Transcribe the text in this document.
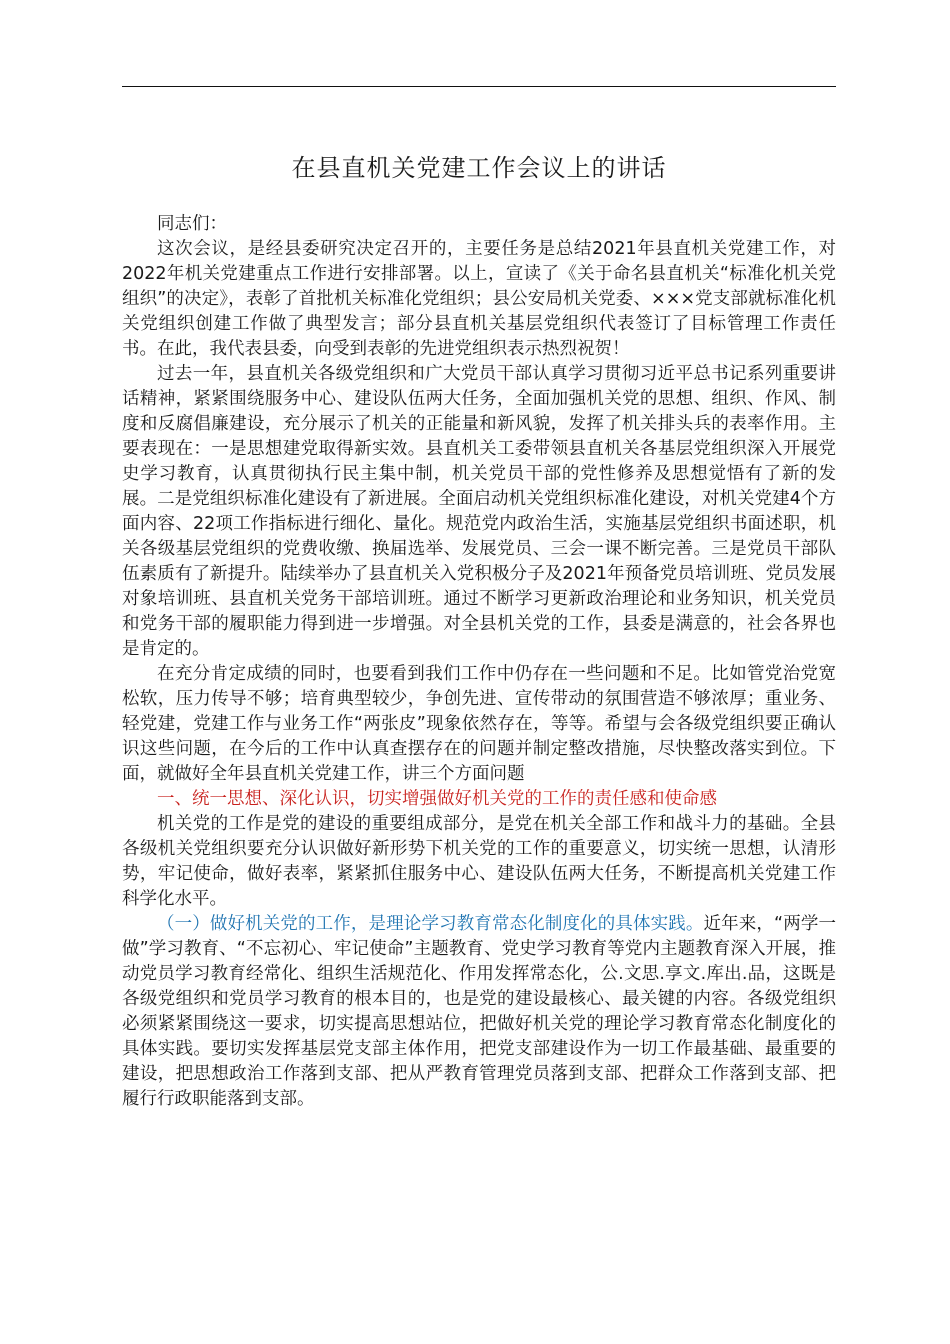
在县直机关党建工作会议上的讲话

同志们：

这次会议，是经县委研究决定召开的，主要任务是总结2021年县直机关党建工作，对2022年机关党建重点工作进行安排部署。以上，宣读了《关于命名县直机关“标准化机关党组织”的决定》，表彰了首批机关标准化党组织；县公安局机关党委、×××党支部就标准化机关党组织创建工作做了典型发言；部分县直机关基层党组织代表签订了目标管理工作责任书。在此，我代表县委，向受到表彰的先进党组织表示热烈祝贺！

过去一年，县直机关各级党组织和广大党员干部认真学习贯彻习近平总书记系列重要讲话精神，紧紧围绕服务中心、建设队伍两大任务，全面加强机关党的思想、组织、作风、制度和反腐倡廉建设，充分展示了机关的正能量和新风貌，发挥了机关排头兵的表率作用。主要表现在：一是思想建党取得新实效。县直机关工委带领县直机关各基层党组织深入开展党史学习教育，认真贯彻执行民主集中制，机关党员干部的党性修养及思想觉悟有了新的发展。二是党组织标准化建设有了新进展。全面启动机关党组织标准化建设，对机关党建4个方面内容、22项工作指标进行细化、量化。规范党内政治生活，实施基层党组织书面述职，机关各级基层党组织的党费收缴、换届选举、发展党员、三会一课不断完善。三是党员干部队伍素质有了新提升。陆续举办了县直机关入党积极分子及2021年预备党员培训班、党员发展对象培训班、县直机关党务干部培训班。通过不断学习更新政治理论和业务知识，机关党员和党务干部的履职能力得到进一步增强。对全县机关党的工作，县委是满意的，社会各界也是肯定的。

在充分肯定成绩的同时，也要看到我们工作中仍存在一些问题和不足。比如管党治党宽松软，压力传导不够；培育典型较少，争创先进、宣传带动的氛围营造不够浓厚；重业务、轻党建，党建工作与业务工作“两张皮”现象依然存在，等等。希望与会各级党组织要正确认识这些问题，在今后的工作中认真查摆存在的问题并制定整改措施，尽快整改落实到位。下面，就做好全年县直机关党建工作，讲三个方面问题

一、统一思想、深化认识，切实增强做好机关党的工作的责任感和使命感

机关党的工作是党的建设的重要组成部分，是党在机关全部工作和战斗力的基础。全县各级机关党组织要充分认识做好新形势下机关党的工作的重要意义，切实统一思想，认清形势，牢记使命，做好表率，紧紧抓住服务中心、建设队伍两大任务，不断提高机关党建工作科学化水平。

（一）做好机关党的工作，是理论学习教育常态化制度化的具体实践。近年来，“两学一做”学习教育、“不忘初心、牢记使命”主题教育、党史学习教育等党内主题教育深入开展，推动党员学习教育经常化、组织生活规范化、作用发挥常态化，公.文思.享文.库出.品，这既是各级党组织和党员学习教育的根本目的，也是党的建设最核心、最关键的内容。各级党组织必须紧紧围绕这一要求，切实提高思想站位，把做好机关党的理论学习教育常态化制度化的具体实践。要切实发挥基层党支部主体作用，把党支部建设作为一切工作最基础、最重要的建设，把思想政治工作落到支部、把从严教育管理党员落到支部、把群众工作落到支部、把履行行政职能落到支部。
